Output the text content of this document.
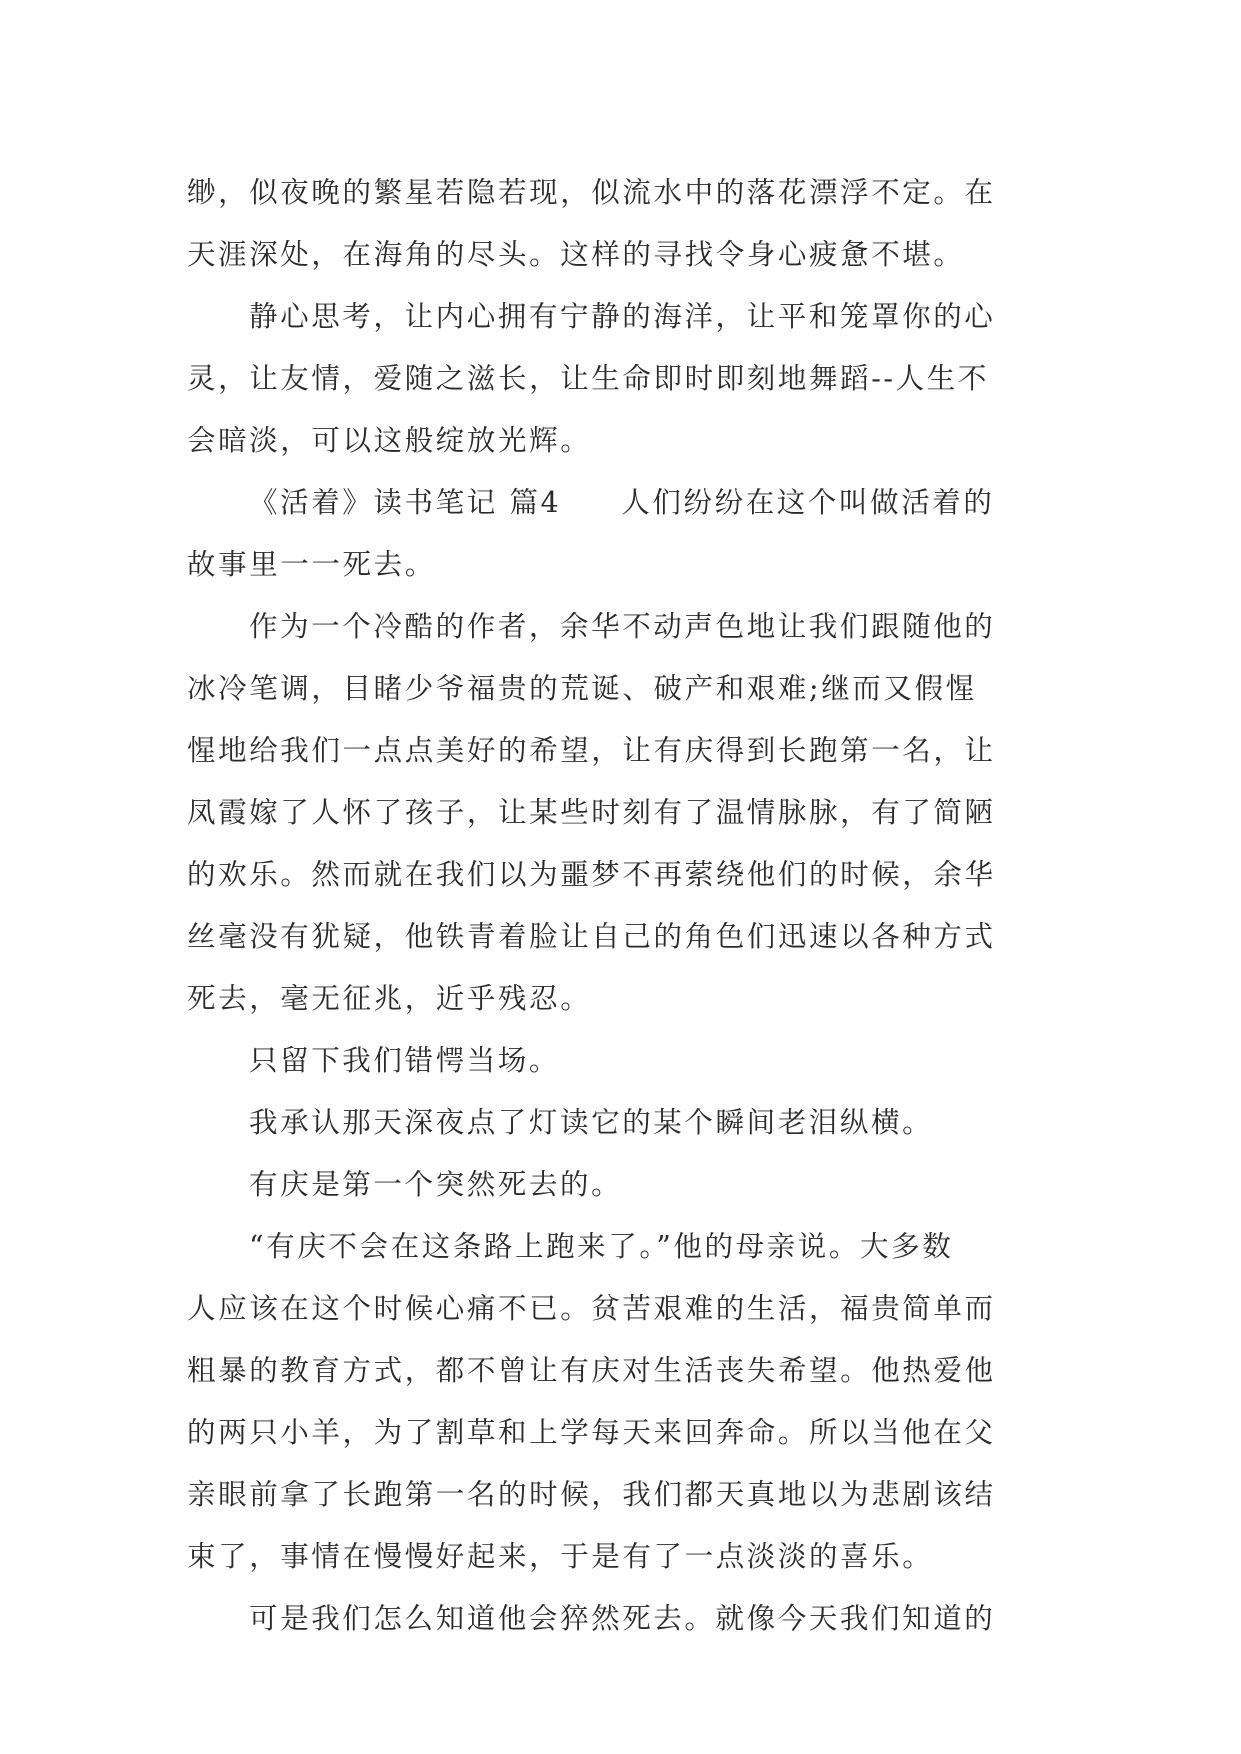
缈，似夜晚的繁星若隐若现，似流水中的落花漂浮不定。在
天涯深处，在海角的尽头。这样的寻找令身心疲惫不堪。
静心思考，让内心拥有宁静的海洋，让平和笼罩你的心
灵，让友情，爱随之滋长，让生命即时即刻地舞蹈--人生不
会暗淡，可以这般绽放光辉。
《活着》读书笔记 篇4 人们纷纷在这个叫做活着的
故事里一一死去。
作为一个冷酷的作者，余华不动声色地让我们跟随他的
冰冷笔调，目睹少爷福贵的荒诞、破产和艰难;继而又假惺
惺地给我们一点点美好的希望，让有庆得到长跑第一名，让
凤霞嫁了人怀了孩子，让某些时刻有了温情脉脉，有了简陋
的欢乐。然而就在我们以为噩梦不再萦绕他们的时候，余华
丝毫没有犹疑，他铁青着脸让自己的角色们迅速以各种方式
死去，毫无征兆，近乎残忍。
只留下我们错愕当场。
我承认那天深夜点了灯读它的某个瞬间老泪纵横。
有庆是第一个突然死去的。
“有庆不会在这条路上跑来了。”他的母亲说。大多数
人应该在这个时候心痛不已。贫苦艰难的生活，福贵简单而
粗暴的教育方式，都不曾让有庆对生活丧失希望。他热爱他
的两只小羊，为了割草和上学每天来回奔命。所以当他在父
亲眼前拿了长跑第一名的时候，我们都天真地以为悲剧该结
束了，事情在慢慢好起来，于是有了一点淡淡的喜乐。
可是我们怎么知道他会猝然死去。就像今天我们知道的
